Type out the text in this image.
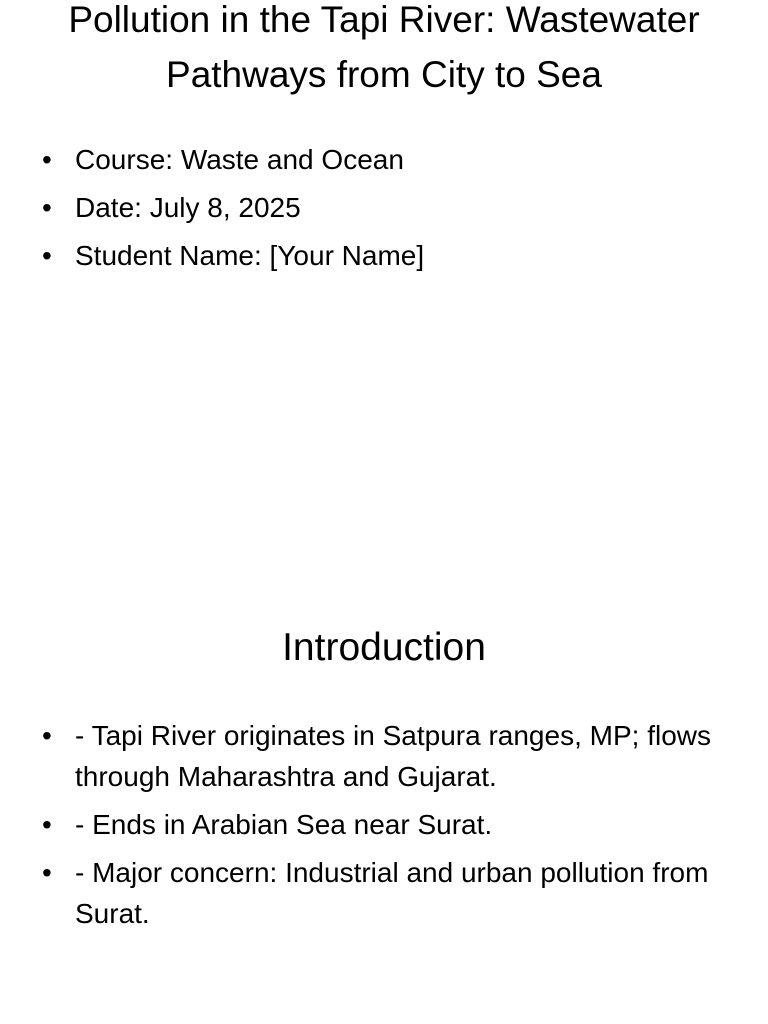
Pollution in the Tapi River: Wastewater Pathways from City to Sea
• Course: Waste and Ocean
• Date: July 8, 2025
• Student Name: [Your Name]
Introduction
• - Tapi River originates in Satpura ranges, MP; flows through Maharashtra and Gujarat.
• - Ends in Arabian Sea near Surat.
• - Major concern: Industrial and urban pollution from Surat.
